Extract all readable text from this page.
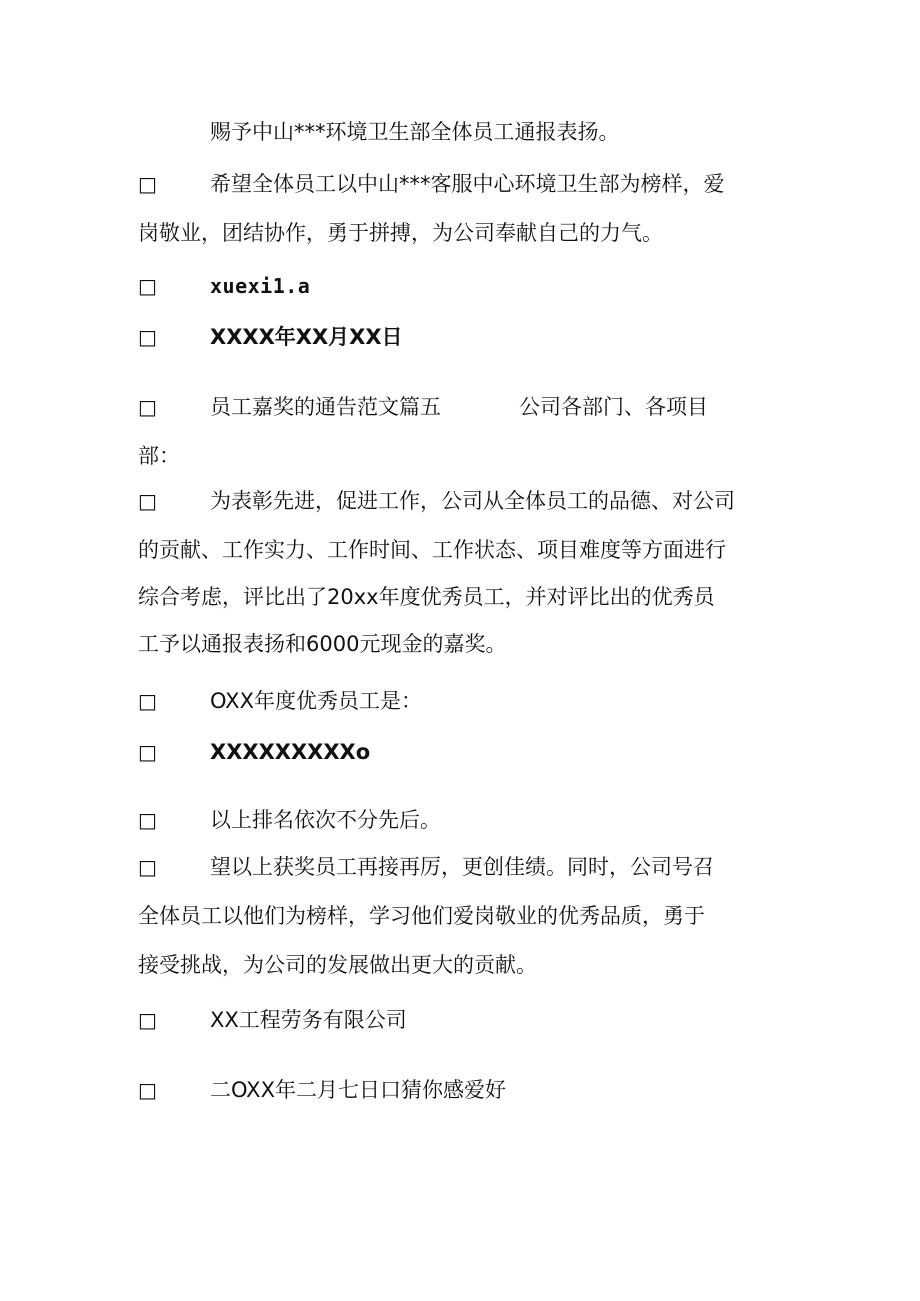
赐予中山***环境卫生部全体员工通报表扬。
□	希望全体员工以中山***客服中心环境卫生部为榜样，爱
岗敬业，团结协作，勇于拼搏，为公司奉献自己的力气。
□	xuexi1.a
□	XXXX年XX月XX日
□	员工嘉奖的通告范文篇五	公司各部门、各项目
部：
□	为表彰先进，促进工作，公司从全体员工的品德、对公司
的贡献、工作实力、工作时间、工作状态、项目难度等方面进行
综合考虑，评比出了20xx年度优秀员工，并对评比出的优秀员
工予以通报表扬和6000元现金的嘉奖。
□	OXX年度优秀员工是：
□	XXXXXXXXXo
□	以上排名依次不分先后。
□	望以上获奖员工再接再厉，更创佳绩。同时，公司号召
全体员工以他们为榜样，学习他们爱岗敬业的优秀品质，勇于
接受挑战，为公司的发展做出更大的贡献。
□	XX工程劳务有限公司
□	二OXX年二月七日口猜你感爱好
